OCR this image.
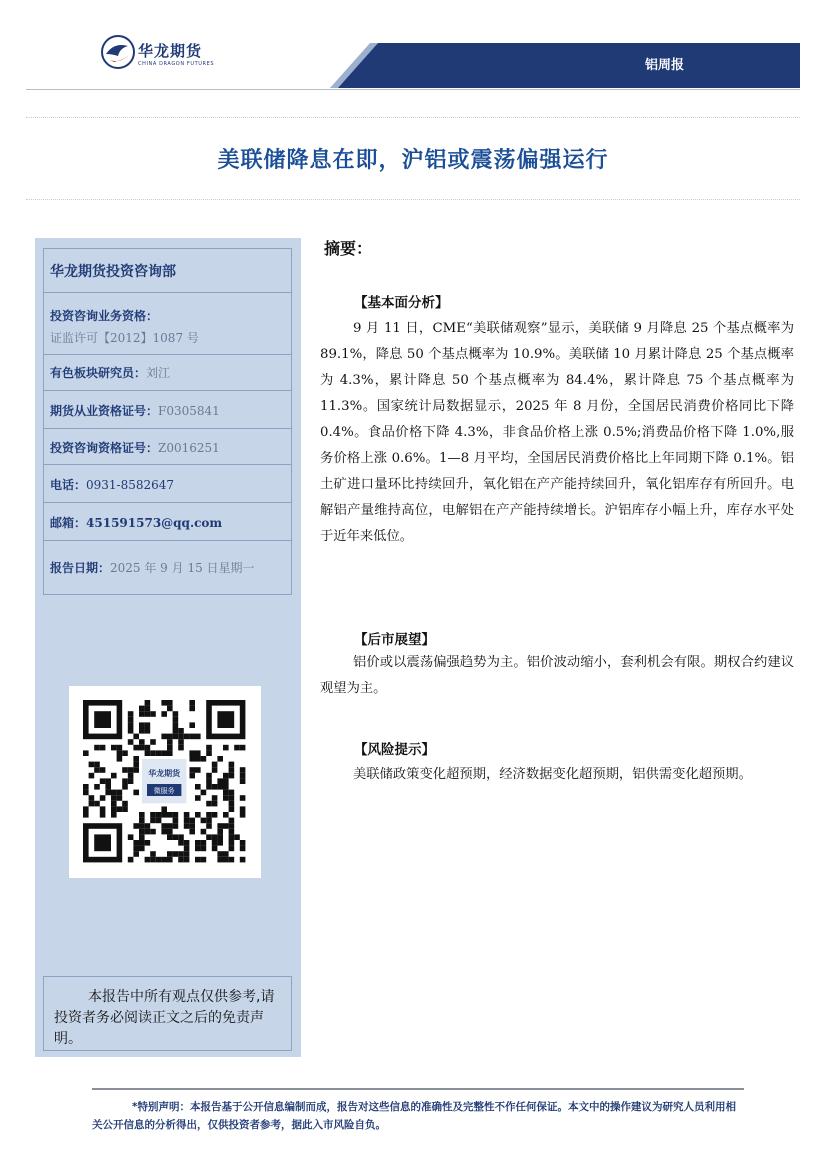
华龙期货
CHINA DRAGON FUTURES	铝周报
美联储降息在即，沪铝或震荡偏强运行
华龙期货投资咨询部
投资咨询业务资格：
证监许可【2012】1087 号
有色板块研究员：刘江
期货从业资格证号：F0305841
投资咨询资格证号：Z0016251
电话：0931-8582647
邮箱：451591573@qq.com
报告日期：2025 年 9 月 15 日星期一
华龙期货
微服务
本报告中所有观点仅供参考,请投资者务必阅读正文之后的免责声明。
摘要：
【基本面分析】
9 月 11 日，CME“美联储观察”显示，美联储 9 月降息 25 个基点概率为 89.1%，降息 50 个基点概率为 10.9%。美联储 10 月累计降息 25 个基点概率为 4.3%，累计降息 50 个基点概率为 84.4%，累计降息 75 个基点概率为 11.3%。国家统计局数据显示，2025 年 8 月份，全国居民消费价格同比下降 0.4%。食品价格下降 4.3%，非食品价格上涨 0.5%;消费品价格下降 1.0%,服务价格上涨 0.6%。1—8 月平均，全国居民消费价格比上年同期下降 0.1%。铝土矿进口量环比持续回升，氧化铝在产产能持续回升，氧化铝库存有所回升。电解铝产量维持高位，电解铝在产产能持续增长。沪铝库存小幅上升，库存水平处于近年来低位。
【后市展望】
铝价或以震荡偏强趋势为主。铝价波动缩小，套利机会有限。期权合约建议观望为主。
【风险提示】
美联储政策变化超预期，经济数据变化超预期，铝供需变化超预期。
*特别声明：本报告基于公开信息编制而成，报告对这些信息的准确性及完整性不作任何保证。本文中的操作建议为研究人员利用相关公开信息的分析得出，仅供投资者参考，据此入市风险自负。
